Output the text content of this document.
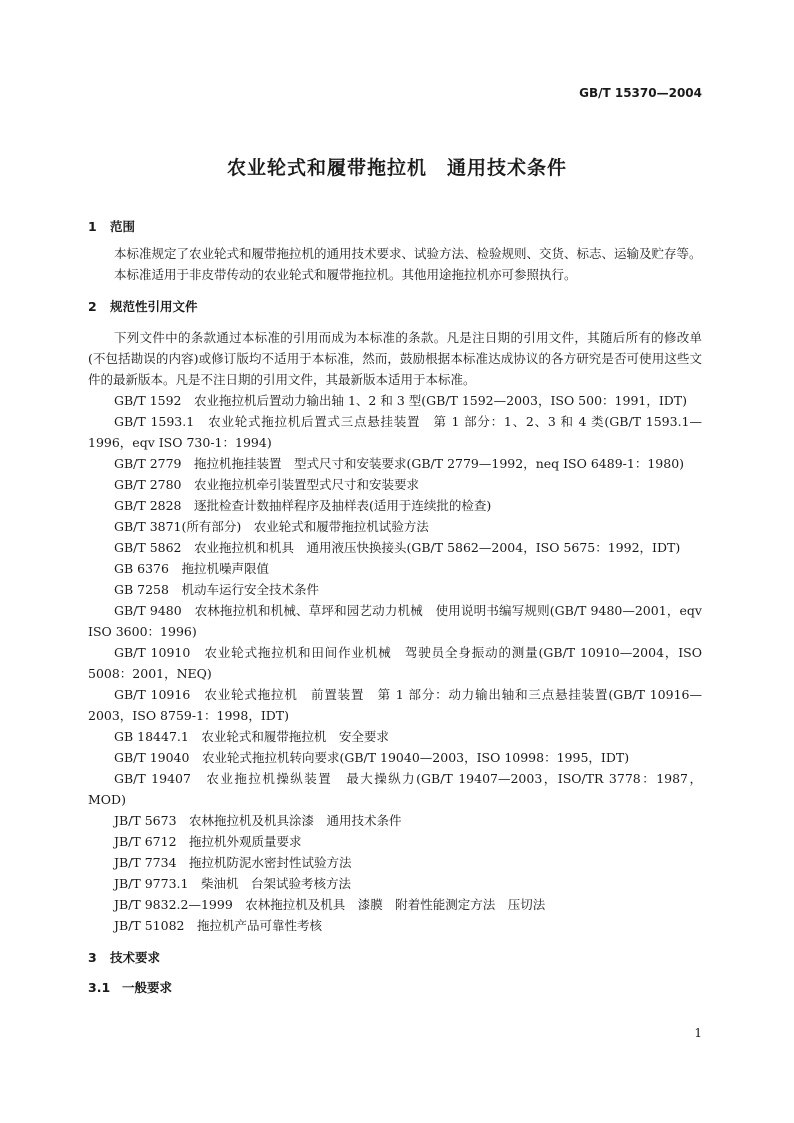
GB/T 15370—2004
农业轮式和履带拖拉机　通用技术条件
1 范围

本标准规定了农业轮式和履带拖拉机的通用技术要求、试验方法、检验规则、交货、标志、运输及贮存等。

本标准适用于非皮带传动的农业轮式和履带拖拉机。其他用途拖拉机亦可参照执行。

2 规范性引用文件

下列文件中的条款通过本标准的引用而成为本标准的条款。凡是注日期的引用文件，其随后所有的修改单(不包括勘误的内容)或修订版均不适用于本标准，然而，鼓励根据本标准达成协议的各方研究是否可使用这些文件的最新版本。凡是不注日期的引用文件，其最新版本适用于本标准。

GB/T 1592　农业拖拉机后置动力输出轴 1、2 和 3 型(GB/T 1592—2003，ISO 500：1991，IDT)
GB/T 1593.1　农业轮式拖拉机后置式三点悬挂装置　第 1 部分：1、2、3 和 4 类(GB/T 1593.1—1996，eqv ISO 730-1：1994)
GB/T 2779　拖拉机拖挂装置　型式尺寸和安装要求(GB/T 2779—1992，neq ISO 6489-1：1980)
GB/T 2780　农业拖拉机牵引装置型式尺寸和安装要求
GB/T 2828　逐批检查计数抽样程序及抽样表(适用于连续批的检查)
GB/T 3871(所有部分)　农业轮式和履带拖拉机试验方法
GB/T 5862　农业拖拉机和机具　通用液压快换接头(GB/T 5862—2004，ISO 5675：1992，IDT)
GB 6376　拖拉机噪声限值
GB 7258　机动车运行安全技术条件
GB/T 9480　农林拖拉机和机械、草坪和园艺动力机械　使用说明书编写规则(GB/T 9480—2001，eqv ISO 3600：1996)
GB/T 10910　农业轮式拖拉机和田间作业机械　驾驶员全身振动的测量(GB/T 10910—2004，ISO 5008：2001，NEQ)
GB/T 10916　农业轮式拖拉机　前置装置　第 1 部分：动力输出轴和三点悬挂装置(GB/T 10916—2003，ISO 8759-1：1998，IDT)
GB 18447.1　农业轮式和履带拖拉机　安全要求
GB/T 19040　农业轮式拖拉机转向要求(GB/T 19040—2003，ISO 10998：1995，IDT)
GB/T 19407　农业拖拉机操纵装置　最大操纵力(GB/T 19407—2003，ISO/TR 3778：1987，MOD)
JB/T 5673　农林拖拉机及机具涂漆　通用技术条件
JB/T 6712　拖拉机外观质量要求
JB/T 7734　拖拉机防泥水密封性试验方法
JB/T 9773.1　柴油机　台架试验考核方法
JB/T 9832.2—1999　农林拖拉机及机具　漆膜　附着性能测定方法　压切法
JB/T 51082　拖拉机产品可靠性考核
3 技术要求
3.1 一般要求
1
